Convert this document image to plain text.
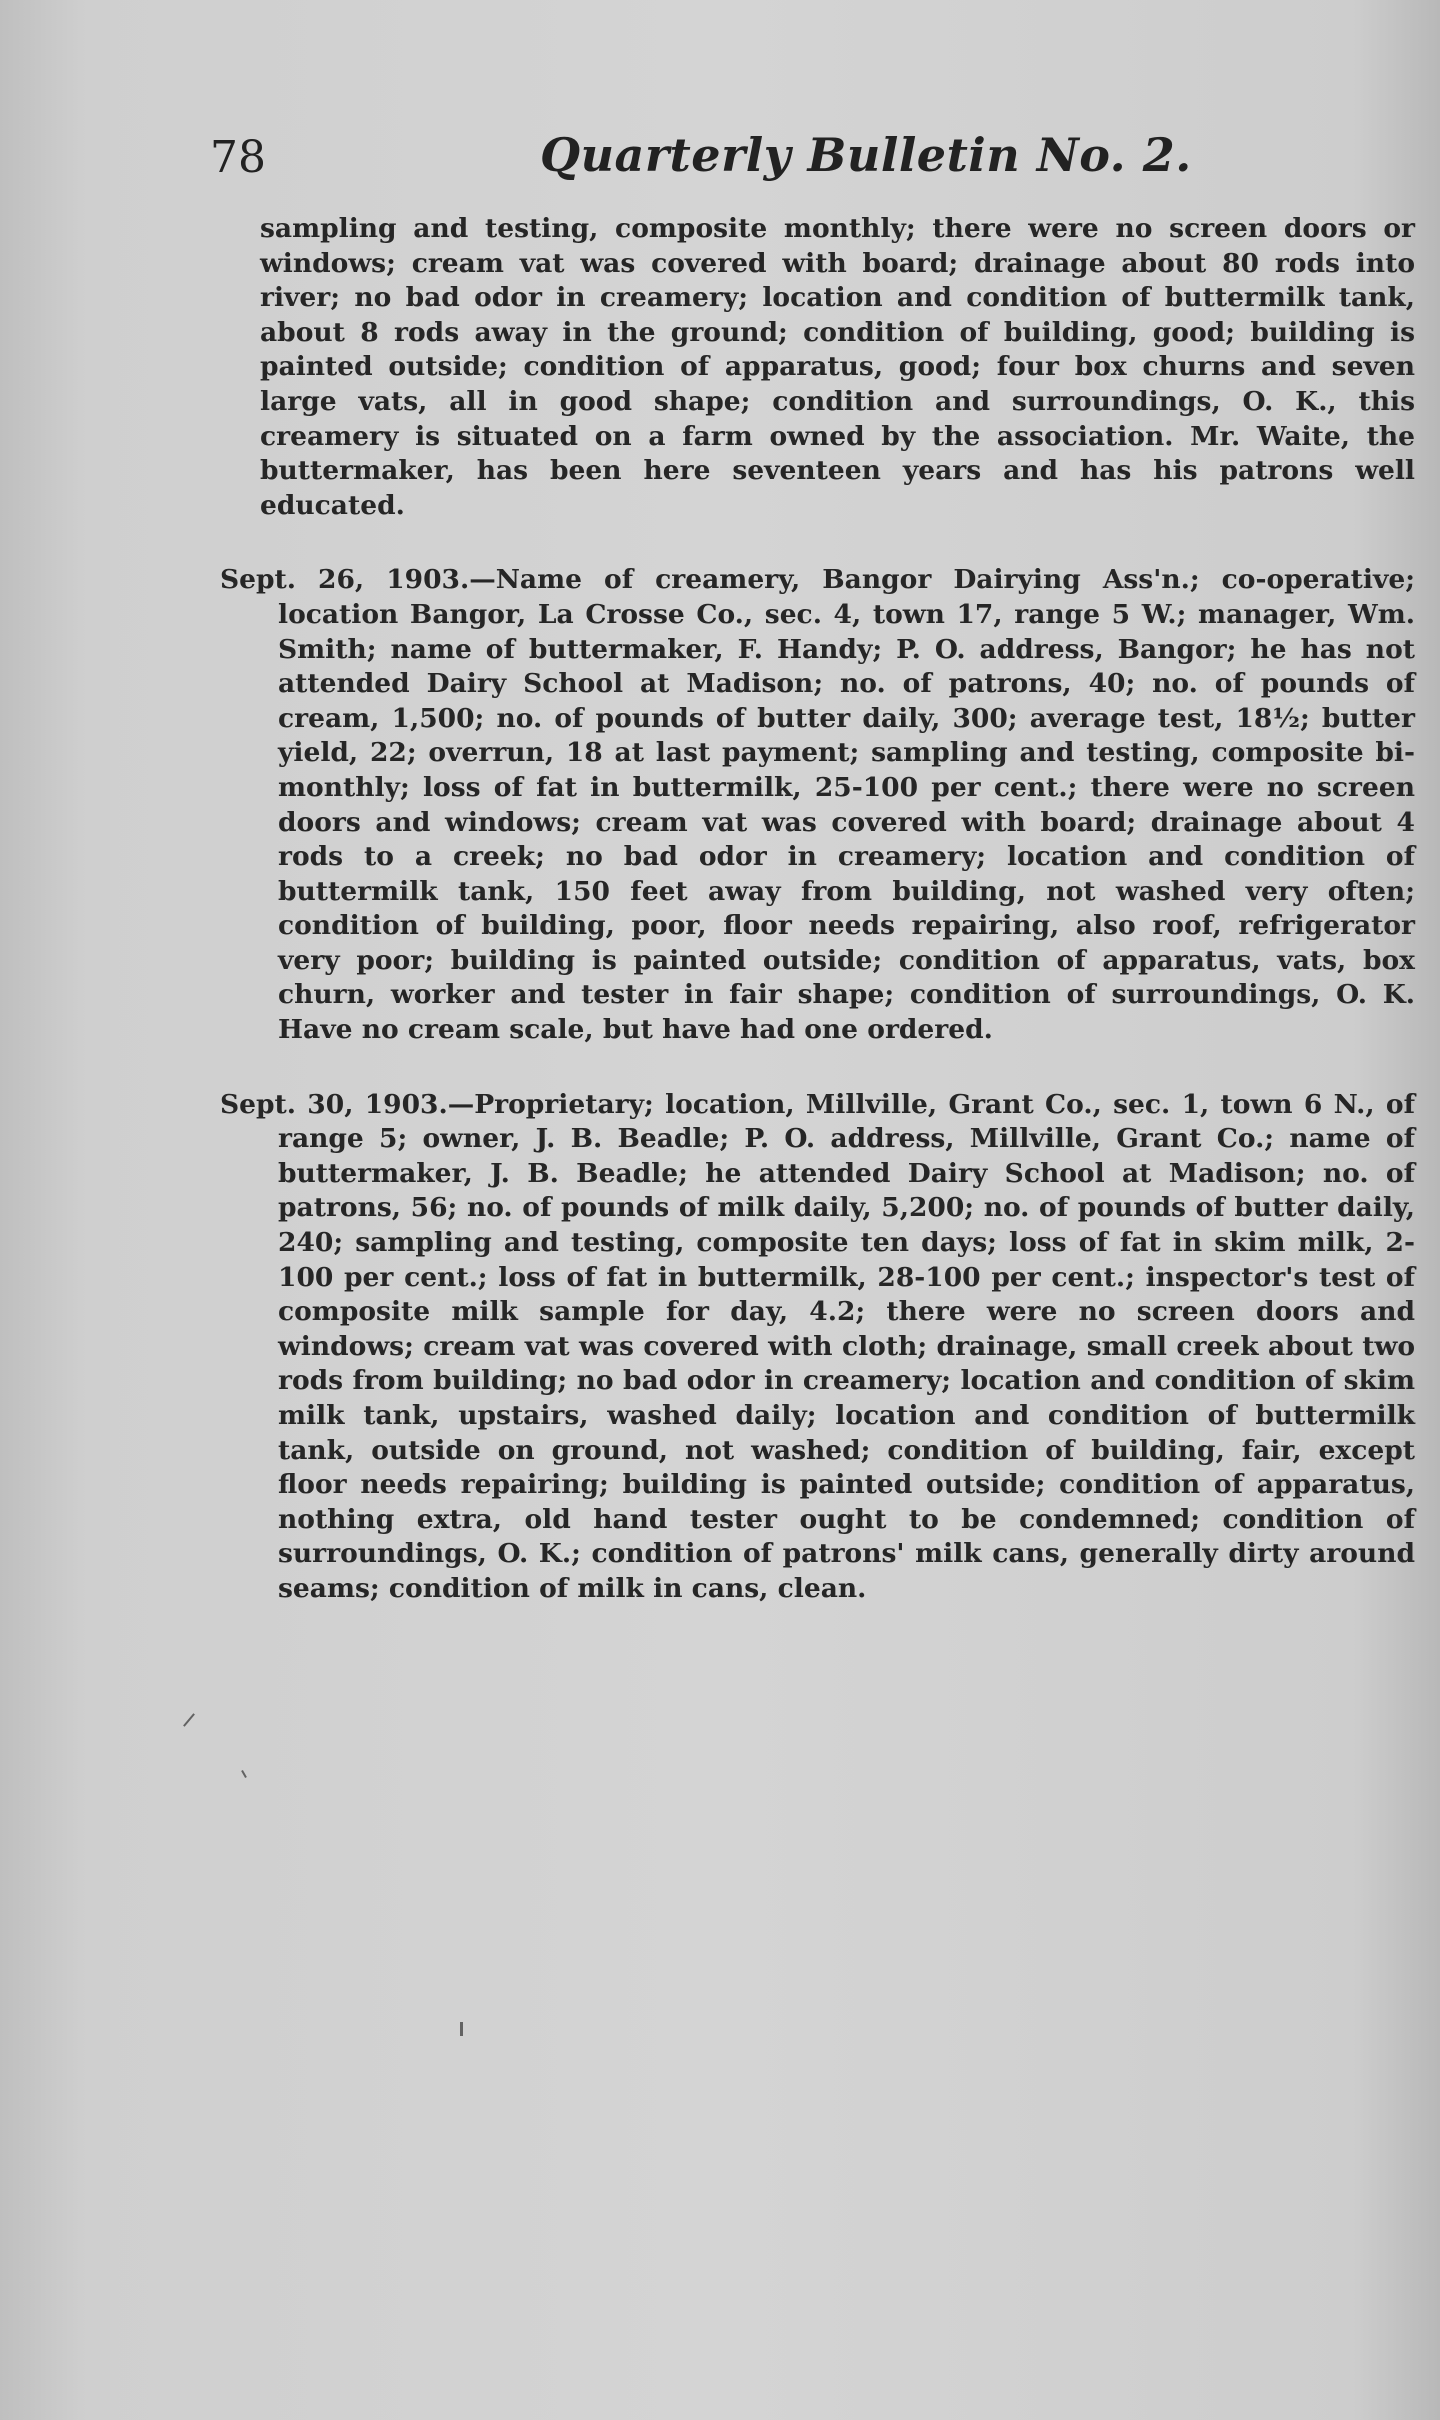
78	Quarterly Bulletin No. 2.

sampling and testing, composite monthly; there were no screen doors or windows; cream vat was covered with board; drainage about 80 rods into river; no bad odor in creamery; location and condition of buttermilk tank, about 8 rods away in the ground; condition of building, good; building is painted outside; condition of apparatus, good; four box churns and seven large vats, all in good shape; condition and surroundings, O. K., this creamery is situated on a farm owned by the association. Mr. Waite, the buttermaker, has been here seventeen years and has his patrons well educated.

Sept. 26, 1903.—Name of creamery, Bangor Dairying Ass'n.; co-operative; location Bangor, La Crosse Co., sec. 4, town 17, range 5 W.; manager, Wm. Smith; name of buttermaker, F. Handy; P. O. address, Bangor; he has not attended Dairy School at Madison; no. of patrons, 40; no. of pounds of cream, 1,500; no. of pounds of butter daily, 300; average test, 18½; butter yield, 22; overrun, 18 at last payment; sampling and testing, composite bi-monthly; loss of fat in buttermilk, 25-100 per cent.; there were no screen doors and windows; cream vat was covered with board; drainage about 4 rods to a creek; no bad odor in creamery; location and condition of buttermilk tank, 150 feet away from building, not washed very often; condition of building, poor, floor needs repairing, also roof, refrigerator very poor; building is painted outside; condition of apparatus, vats, box churn, worker and tester in fair shape; condition of surroundings, O. K. Have no cream scale, but have had one ordered.

Sept. 30, 1903.—Proprietary; location, Millville, Grant Co., sec. 1, town 6 N., of range 5; owner, J. B. Beadle; P. O. address, Millville, Grant Co.; name of buttermaker, J. B. Beadle; he attended Dairy School at Madison; no. of patrons, 56; no. of pounds of milk daily, 5,200; no. of pounds of butter daily, 240; sampling and testing, composite ten days; loss of fat in skim milk, 2-100 per cent.; loss of fat in buttermilk, 28-100 per cent.; inspector's test of composite milk sample for day, 4.2; there were no screen doors and windows; cream vat was covered with cloth; drainage, small creek about two rods from building; no bad odor in creamery; location and condition of skim milk tank, upstairs, washed daily; location and condition of buttermilk tank, outside on ground, not washed; condition of building, fair, except floor needs repairing; building is painted outside; condition of apparatus, nothing extra, old hand tester ought to be condemned; condition of surroundings, O. K.; condition of patrons' milk cans, generally dirty around seams; condition of milk in cans, clean.
